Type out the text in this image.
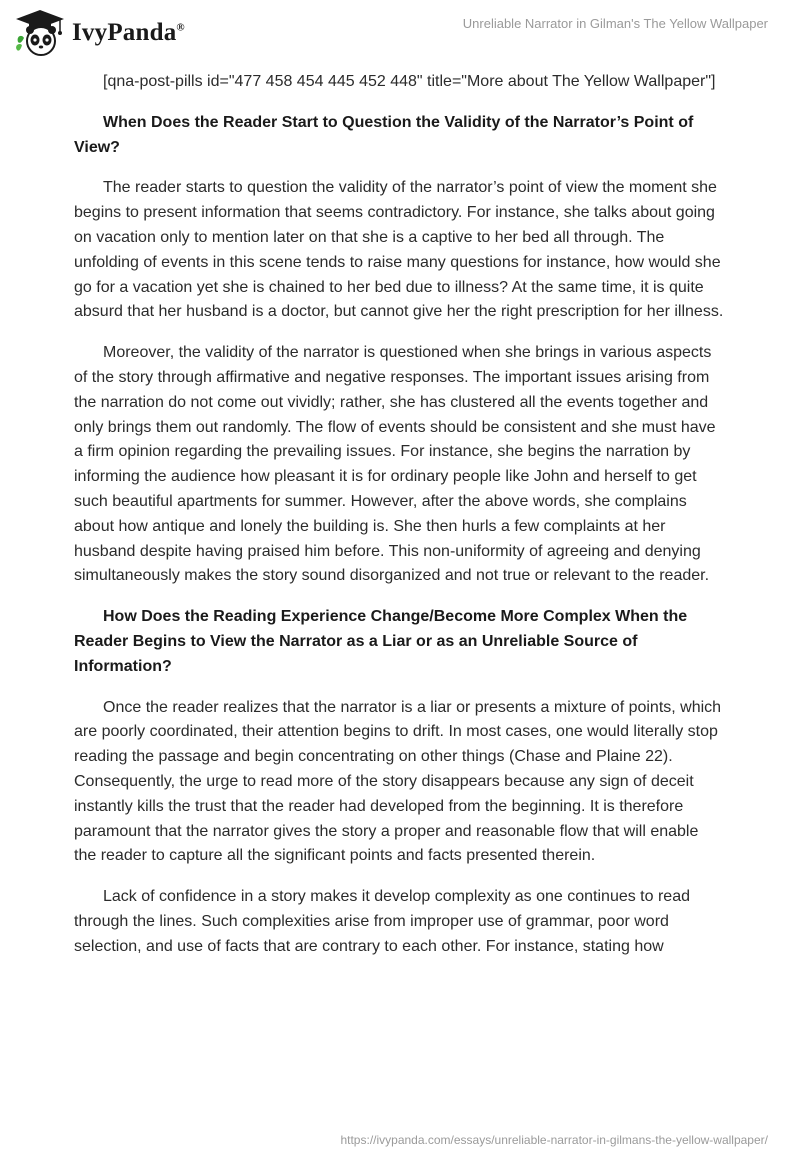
IvyPanda®	Unreliable Narrator in Gilman's The Yellow Wallpaper

[qna-post-pills id="477 458 454 445 452 448" title="More about The Yellow Wallpaper"]

When Does the Reader Start to Question the Validity of the Narrator’s Point of View?

The reader starts to question the validity of the narrator’s point of view the moment she begins to present information that seems contradictory. For instance, she talks about going on vacation only to mention later on that she is a captive to her bed all through. The unfolding of events in this scene tends to raise many questions for instance, how would she go for a vacation yet she is chained to her bed due to illness? At the same time, it is quite absurd that her husband is a doctor, but cannot give her the right prescription for her illness.

Moreover, the validity of the narrator is questioned when she brings in various aspects of the story through affirmative and negative responses. The important issues arising from the narration do not come out vividly; rather, she has clustered all the events together and only brings them out randomly. The flow of events should be consistent and she must have a firm opinion regarding the prevailing issues. For instance, she begins the narration by informing the audience how pleasant it is for ordinary people like John and herself to get such beautiful apartments for summer. However, after the above words, she complains about how antique and lonely the building is. She then hurls a few complaints at her husband despite having praised him before. This non-uniformity of agreeing and denying simultaneously makes the story sound disorganized and not true or relevant to the reader.

How Does the Reading Experience Change/Become More Complex When the Reader Begins to View the Narrator as a Liar or as an Unreliable Source of Information?

Once the reader realizes that the narrator is a liar or presents a mixture of points, which are poorly coordinated, their attention begins to drift. In most cases, one would literally stop reading the passage and begin concentrating on other things (Chase and Plaine 22). Consequently, the urge to read more of the story disappears because any sign of deceit instantly kills the trust that the reader had developed from the beginning. It is therefore paramount that the narrator gives the story a proper and reasonable flow that will enable the reader to capture all the significant points and facts presented therein.

Lack of confidence in a story makes it develop complexity as one continues to read through the lines. Such complexities arise from improper use of grammar, poor word selection, and use of facts that are contrary to each other. For instance, stating how

https://ivypanda.com/essays/unreliable-narrator-in-gilmans-the-yellow-wallpaper/
